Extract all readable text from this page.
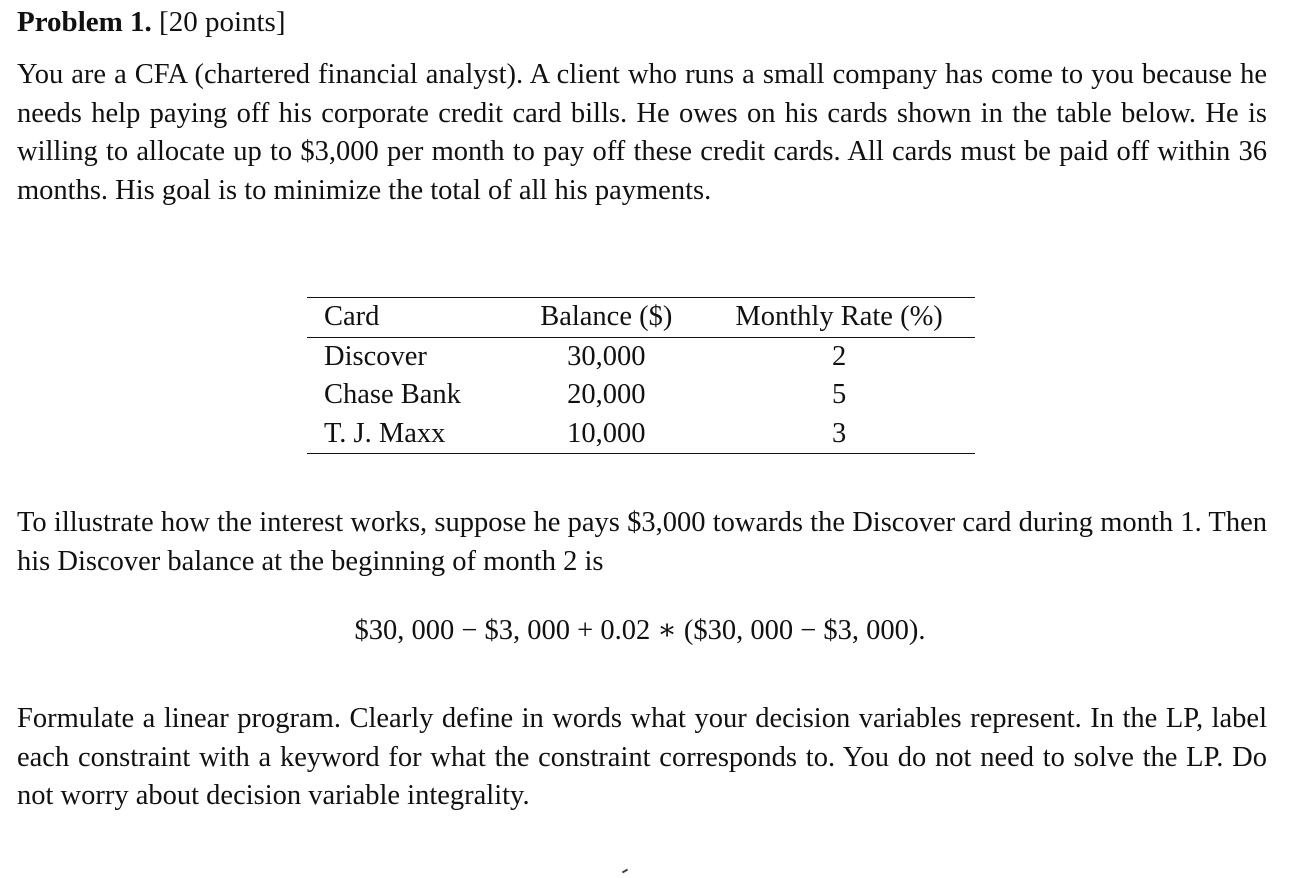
Problem 1. [20 points]
You are a CFA (chartered financial analyst). A client who runs a small company has come to you because he needs help paying off his corporate credit card bills. He owes on his cards shown in the table below. He is willing to allocate up to $3,000 per month to pay off these credit cards. All cards must be paid off within 36 months. His goal is to minimize the total of all his payments.
Card	Balance ($)	Monthly Rate (%)
Discover	30,000	2
Chase Bank	20,000	5
T. J. Maxx	10,000	3
To illustrate how the interest works, suppose he pays $3,000 towards the Discover card during month 1. Then his Discover balance at the beginning of month 2 is
$30, 000 − $3, 000 + 0.02 ∗ ($30, 000 − $3, 000).
Formulate a linear program. Clearly define in words what your decision variables represent. In the LP, label each constraint with a keyword for what the constraint corresponds to. You do not need to solve the LP. Do not worry about decision variable integrality.
